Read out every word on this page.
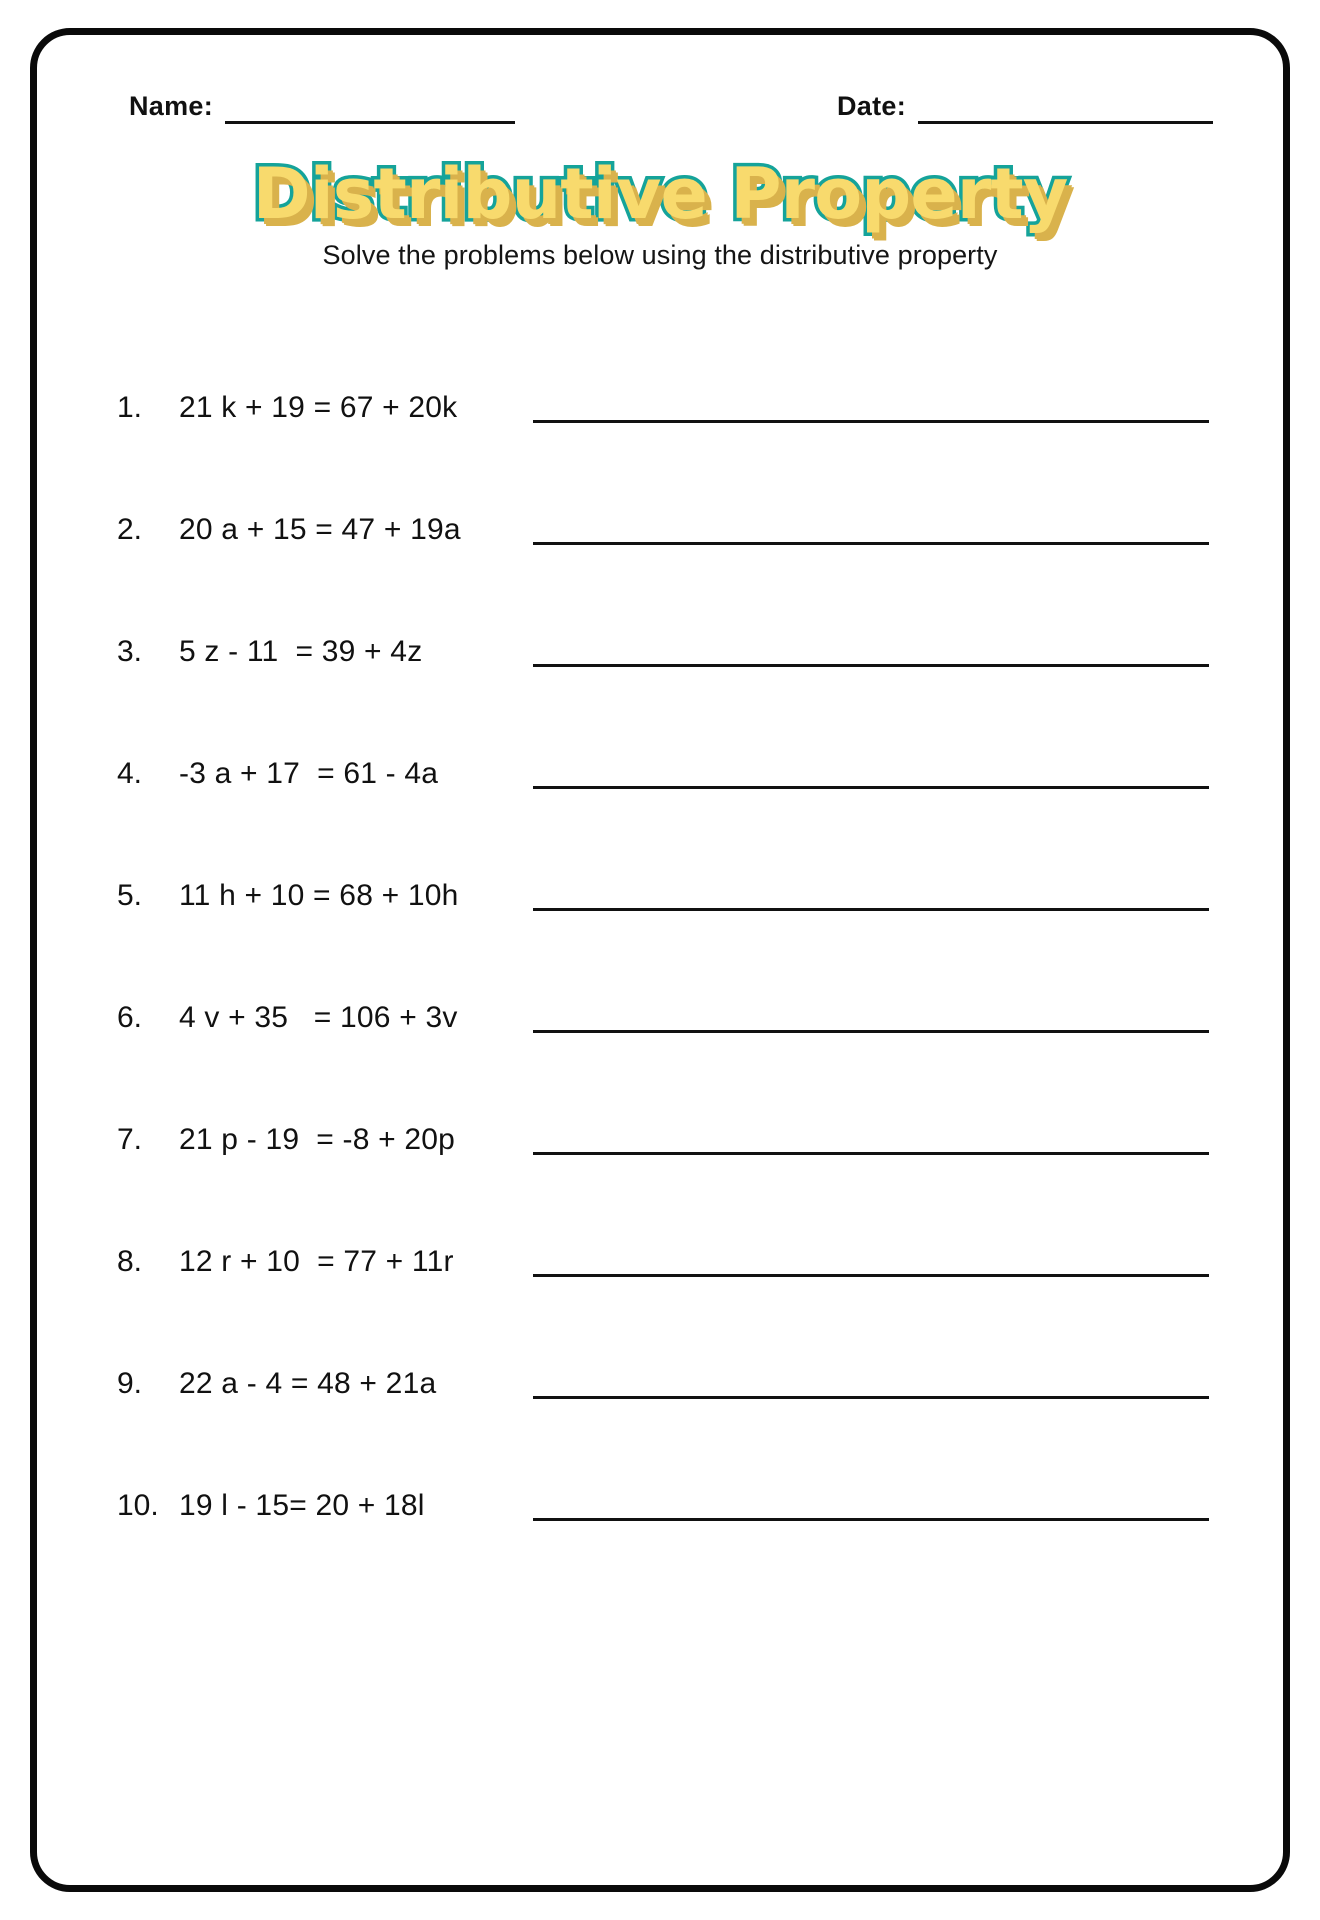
Name:	Date:
Distributive Property
Solve the problems below using the distributive property
1.	21 k + 19 = 67 + 20k
2.	20 a + 15 = 47 + 19a
3.	5 z - 11  = 39 + 4z
4.	-3 a + 17  = 61 - 4a
5.	11 h + 10 = 68 + 10h
6.	4 v + 35   = 106 + 3v
7.	21 p - 19  = -8 + 20p
8.	12 r + 10  = 77 + 11r
9.	22 a - 4 = 48 + 21a
10. 19 l - 15= 20 + 18l
